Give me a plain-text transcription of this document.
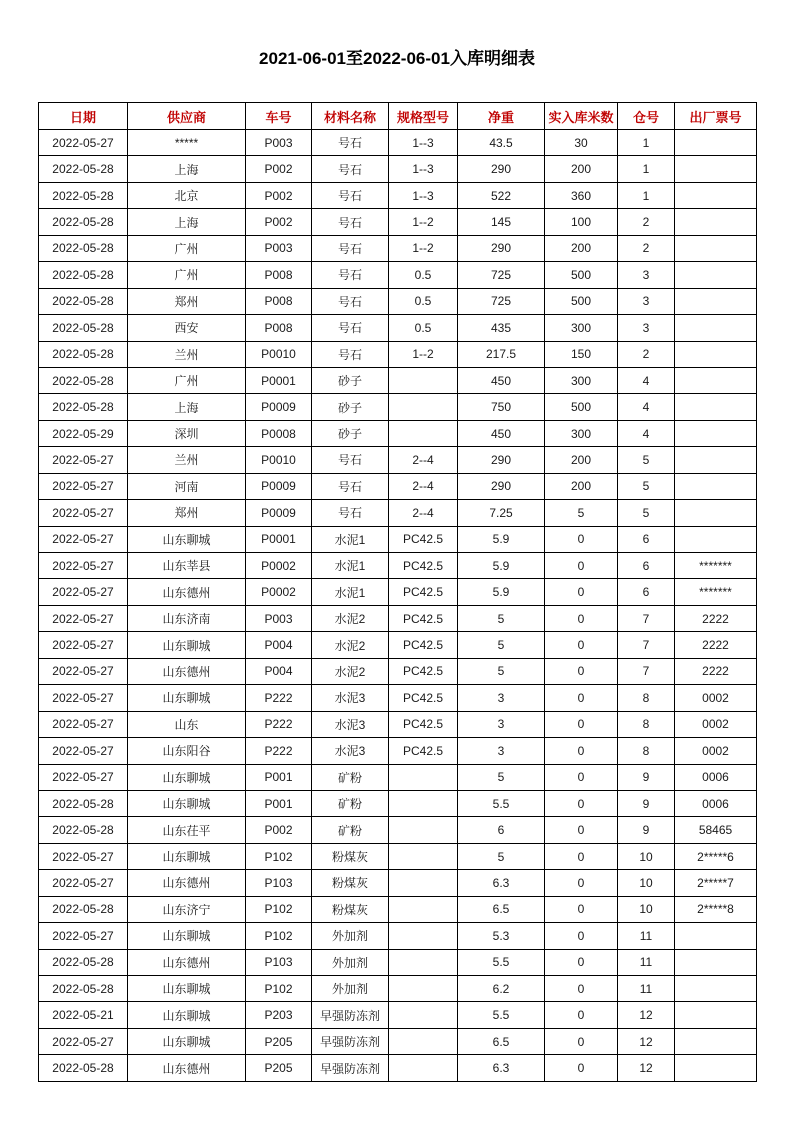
2021-06-01至2022-06-01入库明细表
日期	供应商	车号	材料名称	规格型号	净重	实入库米数	仓号	出厂票号
2022-05-27	*****	P003	号石	1--3	43.5	30	1	
2022-05-28	上海	P002	号石	1--3	290	200	1	
2022-05-28	北京	P002	号石	1--3	522	360	1	
2022-05-28	上海	P002	号石	1--2	145	100	2	
2022-05-28	广州	P003	号石	1--2	290	200	2	
2022-05-28	广州	P008	号石	0.5	725	500	3	
2022-05-28	郑州	P008	号石	0.5	725	500	3	
2022-05-28	西安	P008	号石	0.5	435	300	3	
2022-05-28	兰州	P0010	号石	1--2	217.5	150	2	
2022-05-28	广州	P0001	砂子		450	300	4	
2022-05-28	上海	P0009	砂子		750	500	4	
2022-05-29	深圳	P0008	砂子		450	300	4	
2022-05-27	兰州	P0010	号石	2--4	290	200	5	
2022-05-27	河南	P0009	号石	2--4	290	200	5	
2022-05-27	郑州	P0009	号石	2--4	7.25	5	5	
2022-05-27	山东聊城	P0001	水泥1	PC42.5	5.9	0	6	
2022-05-27	山东莘县	P0002	水泥1	PC42.5	5.9	0	6	*******
2022-05-27	山东德州	P0002	水泥1	PC42.5	5.9	0	6	*******
2022-05-27	山东济南	P003	水泥2	PC42.5	5	0	7	2222
2022-05-27	山东聊城	P004	水泥2	PC42.5	5	0	7	2222
2022-05-27	山东德州	P004	水泥2	PC42.5	5	0	7	2222
2022-05-27	山东聊城	P222	水泥3	PC42.5	3	0	8	0002
2022-05-27	山东	P222	水泥3	PC42.5	3	0	8	0002
2022-05-27	山东阳谷	P222	水泥3	PC42.5	3	0	8	0002
2022-05-27	山东聊城	P001	矿粉		5	0	9	0006
2022-05-28	山东聊城	P001	矿粉		5.5	0	9	0006
2022-05-28	山东茌平	P002	矿粉		6	0	9	58465
2022-05-27	山东聊城	P102	粉煤灰		5	0	10	2*****6
2022-05-27	山东德州	P103	粉煤灰		6.3	0	10	2*****7
2022-05-28	山东济宁	P102	粉煤灰		6.5	0	10	2*****8
2022-05-27	山东聊城	P102	外加剂		5.3	0	11	
2022-05-28	山东德州	P103	外加剂		5.5	0	11	
2022-05-28	山东聊城	P102	外加剂		6.2	0	11	
2022-05-21	山东聊城	P203	早强防冻剂		5.5	0	12	
2022-05-27	山东聊城	P205	早强防冻剂		6.5	0	12	
2022-05-28	山东德州	P205	早强防冻剂		6.3	0	12	
